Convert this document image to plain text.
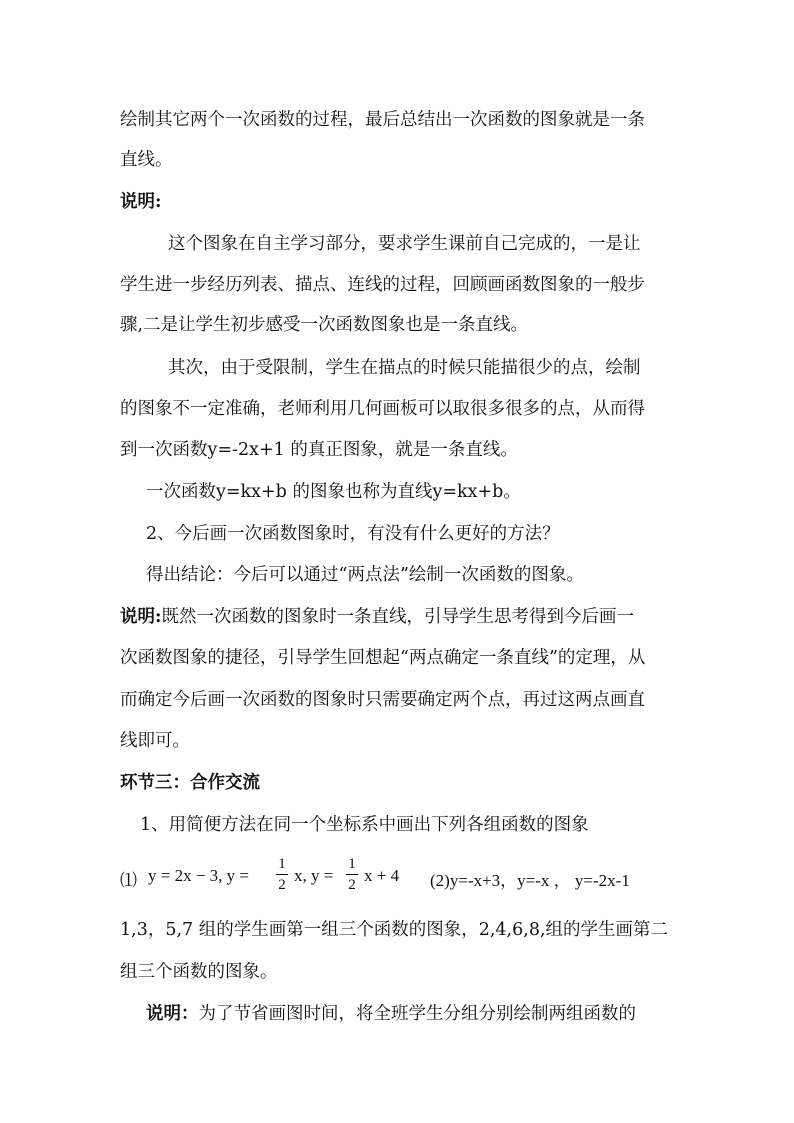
绘制其它两个一次函数的过程，最后总结出一次函数的图象就是一条
直线。
说明:
这个图象在自主学习部分，要求学生课前自己完成的，一是让
学生进一步经历列表、描点、连线的过程，回顾画函数图象的一般步
骤,二是让学生初步感受一次函数图象也是一条直线。
其次，由于受限制，学生在描点的时候只能描很少的点，绘制
的图象不一定准确，老师利用几何画板可以取很多很多的点，从而得
到一次函数y=-2x+1 的真正图象，就是一条直线。
一次函数y=kx+b 的图象也称为直线y=kx+b。
2、今后画一次函数图象时，有没有什么更好的方法？
得出结论：今后可以通过“两点法”绘制一次函数的图象。
说明:既然一次函数的图象时一条直线，引导学生思考得到今后画一
次函数图象的捷径，引导学生回想起“两点确定一条直线”的定理，从
而确定今后画一次函数的图象时只需要确定两个点，再过这两点画直
线即可。
环节三：合作交流
1、用简便方法在同一个坐标系中画出下列各组函数的图象
⑴ y = 2x − 3, y =
1
2 x, y =
1
2 x + 4 (2)y=-x+3，y=-x ， y=-2x-1
1,3，5,7 组的学生画第一组三个函数的图象，2,4,6,8,组的学生画第二
组三个函数的图象。
说明：为了节省画图时间，将全班学生分组分别绘制两组函数的
